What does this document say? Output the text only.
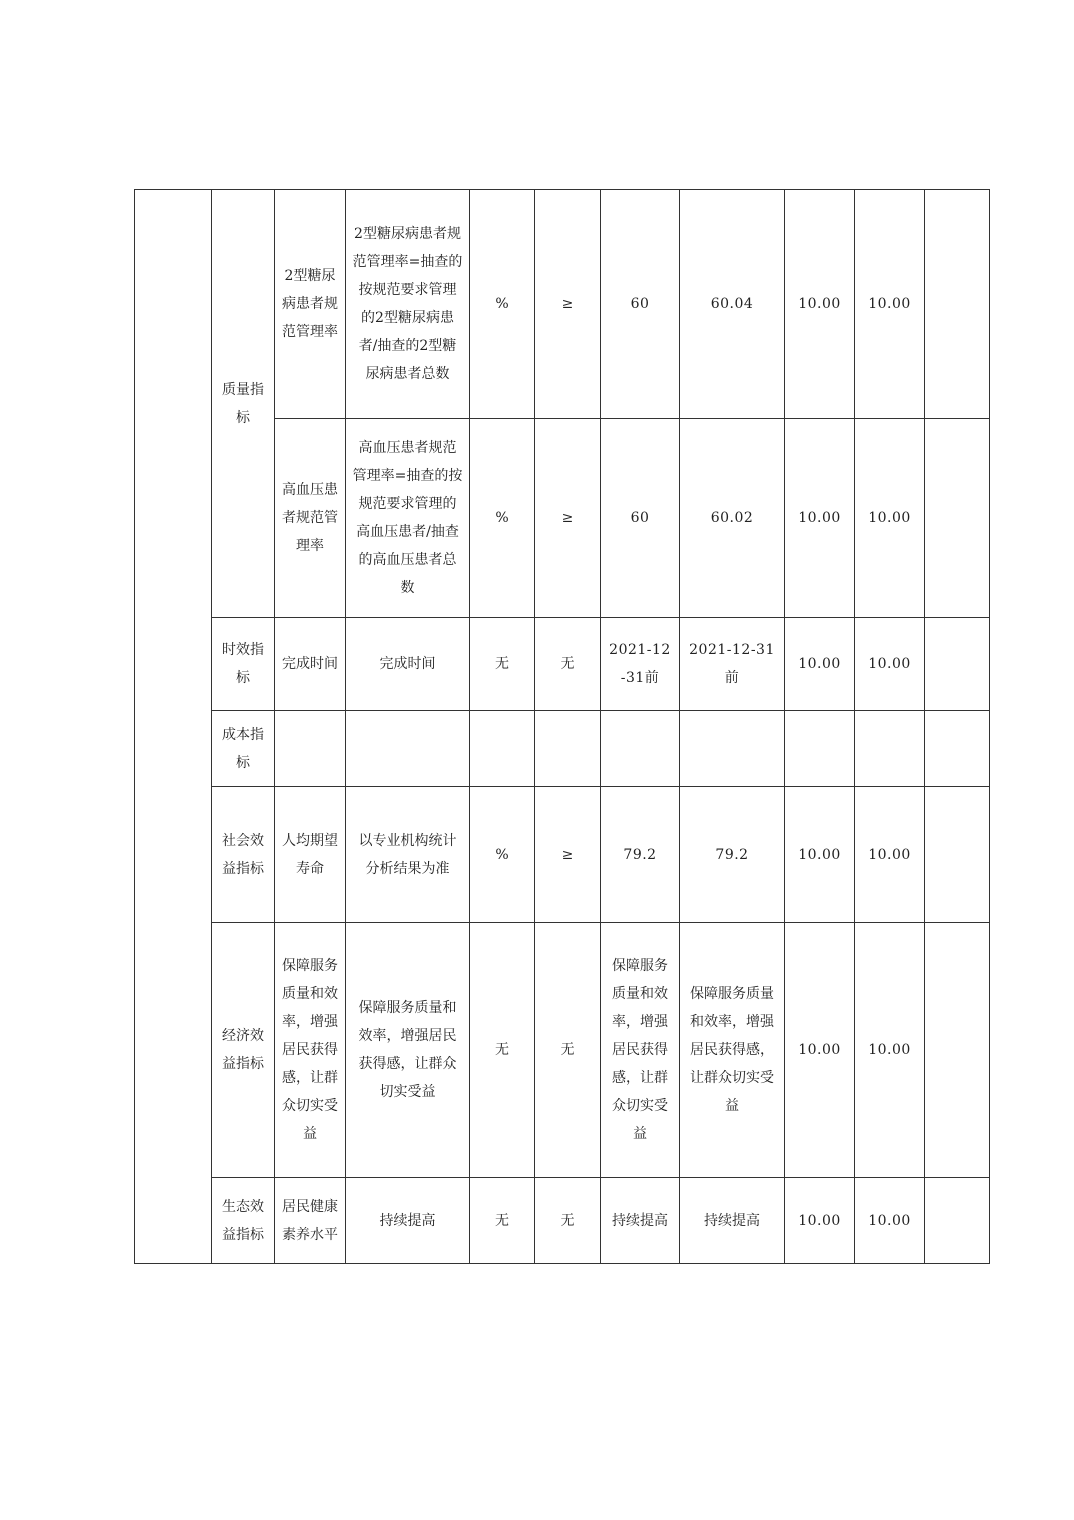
	质量指标	2型糖尿病患者规范管理率	2型糖尿病患者规范管理率=抽查的按规范要求管理的2型糖尿病患者/抽查的2型糖尿病患者总数	%	≥	60	60.04	10.00	10.00	
		高血压患者规范管理率	高血压患者规范管理率=抽查的按规范要求管理的高血压患者/抽查的高血压患者总数	%	≥	60	60.02	10.00	10.00	
	时效指标	完成时间	完成时间	无	无	2021-12-31前	2021-12-31前	10.00	10.00	
	成本指标									
	社会效益指标	人均期望寿命	以专业机构统计分析结果为准	%	≥	79.2	79.2	10.00	10.00	
	经济效益指标	保障服务质量和效率，增强居民获得感，让群众切实受益	保障服务质量和效率，增强居民获得感，让群众切实受益	无	无	保障服务质量和效率，增强居民获得感，让群众切实受益	保障服务质量和效率，增强居民获得感，让群众切实受益	10.00	10.00	
	生态效益指标	居民健康素养水平	持续提高	无	无	持续提高	持续提高	10.00	10.00	
